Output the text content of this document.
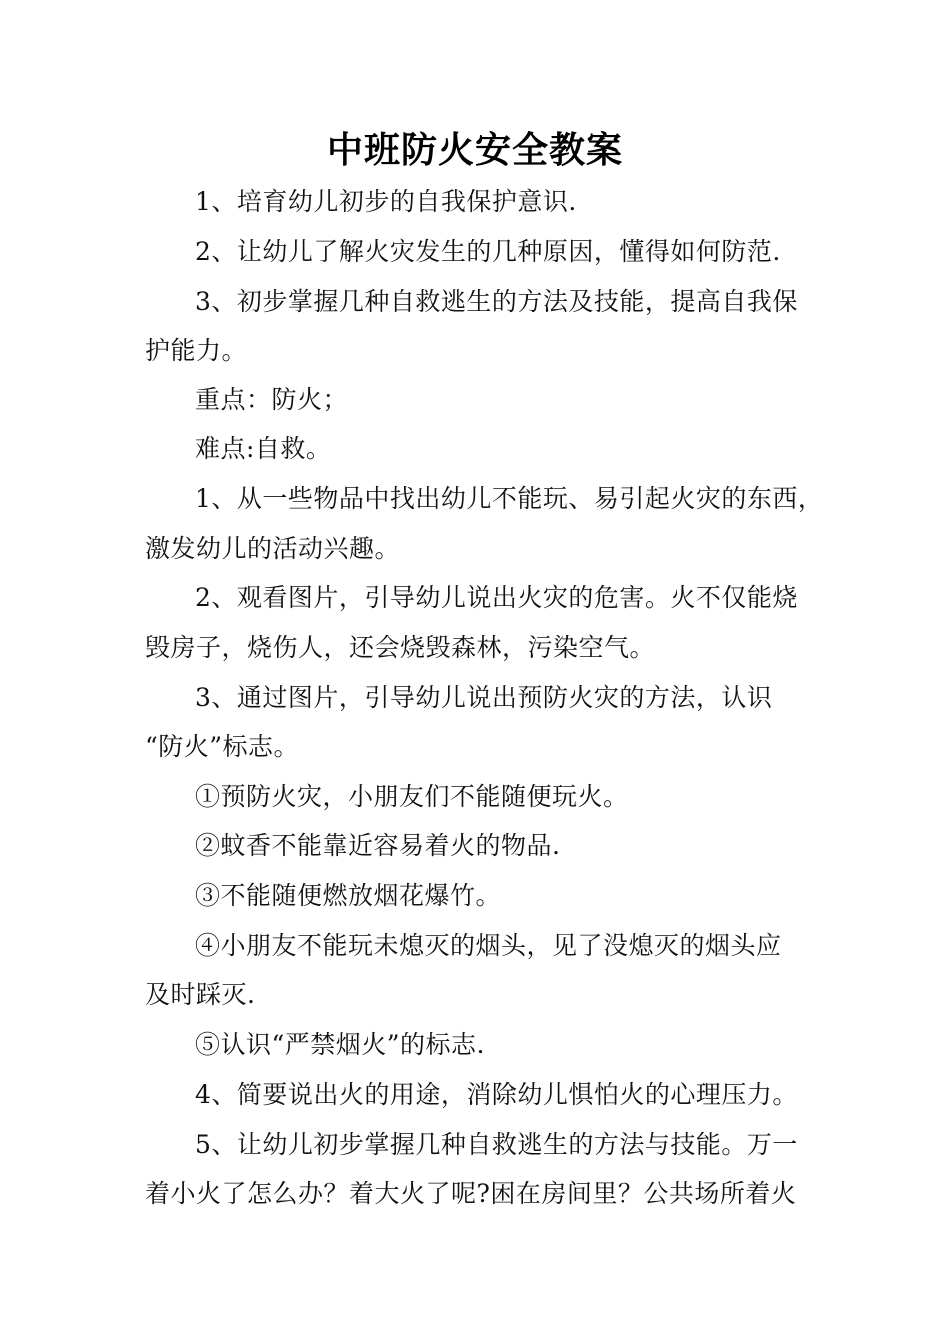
中班防火安全教案
1、培育幼儿初步的自我保护意识.
2、让幼儿了解火灾发生的几种原因，懂得如何防范.
3、初步掌握几种自救逃生的方法及技能，提高自我保
护能力。
重点：防火；
难点:自救。
1、从一些物品中找出幼儿不能玩、易引起火灾的东西，
激发幼儿的活动兴趣。
2、观看图片，引导幼儿说出火灾的危害。火不仅能烧
毁房子，烧伤人，还会烧毁森林，污染空气。
3、通过图片，引导幼儿说出预防火灾的方法，认识
“防火”标志。
①预防火灾，小朋友们不能随便玩火。
②蚊香不能靠近容易着火的物品.
③不能随便燃放烟花爆竹。
④小朋友不能玩未熄灭的烟头，见了没熄灭的烟头应
及时踩灭.
⑤认识“严禁烟火”的标志.
4、简要说出火的用途，消除幼儿惧怕火的心理压力。
5、让幼儿初步掌握几种自救逃生的方法与技能。万一
着小火了怎么办？着大火了呢?困在房间里？公共场所着火
